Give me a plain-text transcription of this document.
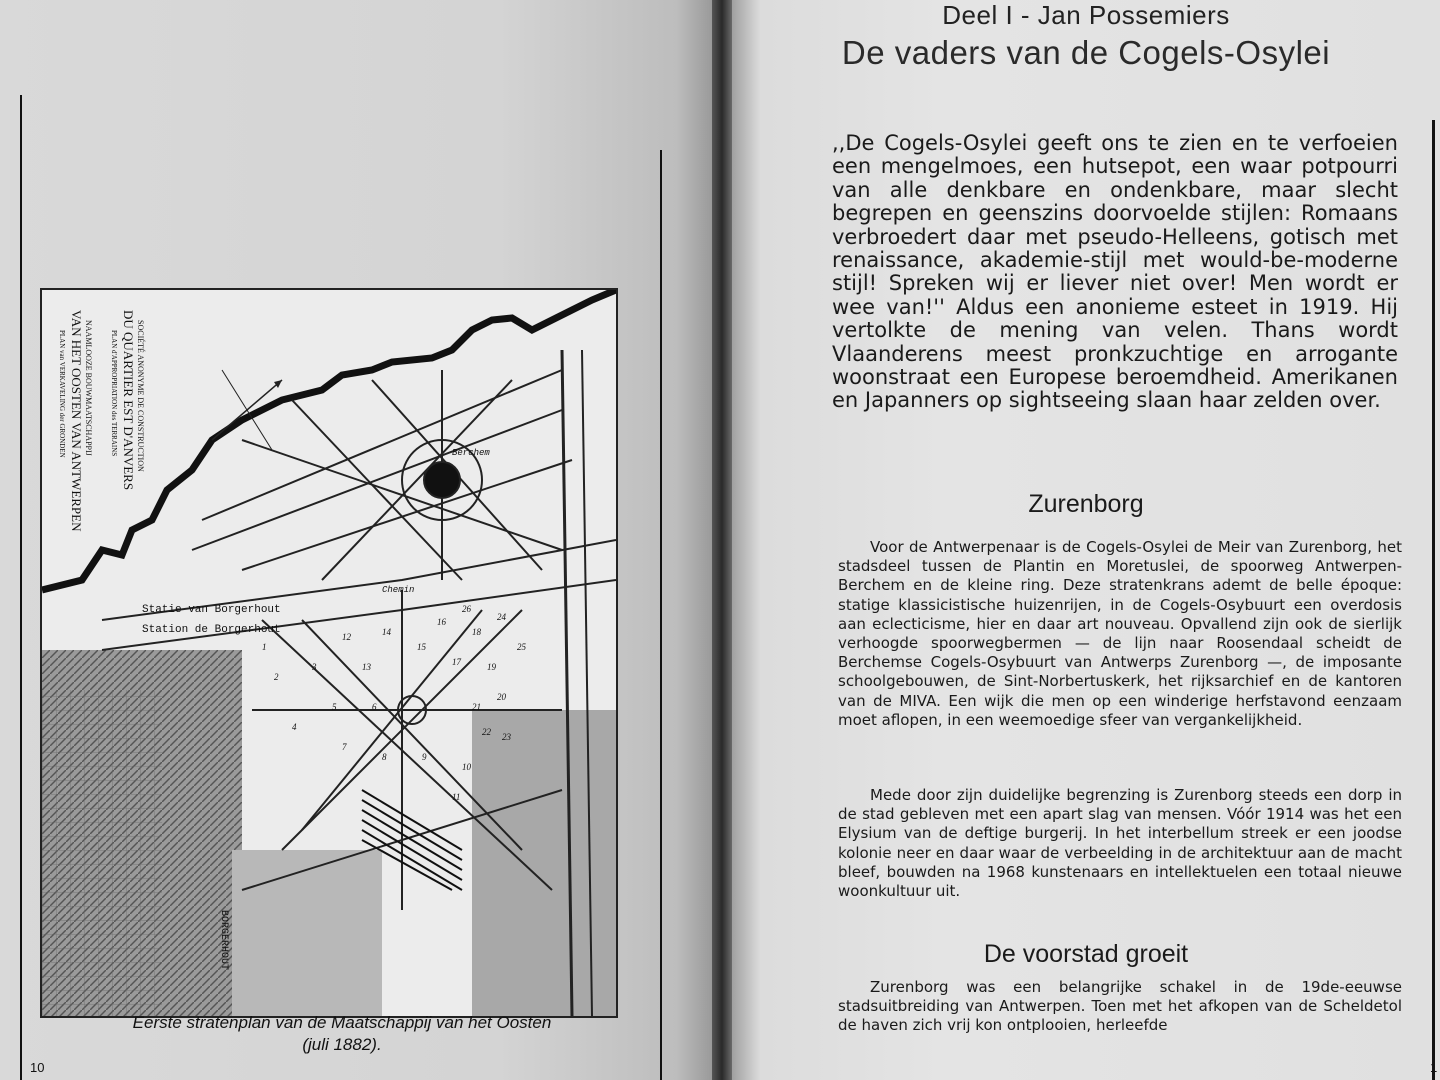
NAAMLOOZE BOUWMAATSCHAPPIJ
VAN HET OOSTEN VAN ANTWERPEN
PLAN van VERKAVELING der GRONDEN	SOCIÉTÉ ANONYME DE CONSTRUCTION
DU QUARTIER EST D'ANVERS
PLAN d'APPROPRIATION des TERRAINS
Statie van Borgerhout
Station de Borgerhout
BORGERHOUT
Berchem
Chemin
1
2
3
4
5	6
7
8	9
10
11
12
13
14
15
16
17
18
19
20
21
22 23
24
25
26
Eerste stratenplan van de Maatschappij van het Oosten
(juli 1882).
10
Deel I - Jan Possemiers
De vaders van de Cogels-Osylei
,,De Cogels-Osylei geeft ons te zien en te verfoeien een mengelmoes, een hutsepot, een waar potpourri van alle denkbare en ondenkbare, maar slecht begrepen en geenszins doorvoelde stijlen: Romaans verbroedert daar met pseudo-Helleens, gotisch met renaissance, akademie-stijl met would-be-moderne stijl! Spreken wij er liever niet over! Men wordt er wee van!'' Aldus een anonieme esteet in 1919. Hij vertolkte de mening van velen. Thans wordt Vlaanderens meest pronkzuchtige en arrogante woonstraat een Europese beroemdheid. Amerikanen en Japanners op sightseeing slaan haar zelden over.
Zurenborg
Voor de Antwerpenaar is de Cogels-Osylei de Meir van Zurenborg, het stadsdeel tussen de Plantin en Moretuslei, de spoorweg Antwerpen-Berchem en de kleine ring. Deze stratenkrans ademt de belle époque: statige klassicistische huizenrijen, in de Cogels-Osybuurt een overdosis aan eclecticisme, hier en daar art nouveau. Opvallend zijn ook de sierlijk verhoogde spoorwegbermen — de lijn naar Roosendaal scheidt de Berchemse Cogels-Osybuurt van Antwerps Zurenborg —, de imposante schoolgebouwen, de Sint-Norbertuskerk, het rijksarchief en de kantoren van de MIVA. Een wijk die men op een winderige herfstavond eenzaam moet aflopen, in een weemoedige sfeer van vergankelijkheid.
Mede door zijn duidelijke begrenzing is Zurenborg steeds een dorp in de stad gebleven met een apart slag van mensen. Vóór 1914 was het een Elysium van de deftige burgerij. In het interbellum streek er een joodse kolonie neer en daar waar de verbeelding in de architektuur aan de macht bleef, bouwden na 1968 kunstenaars en intellektuelen een totaal nieuwe woonkultuur uit.
De voorstad groeit
Zurenborg was een belangrijke schakel in de 19de-eeuwse stadsuitbreiding van Antwerpen. Toen met het afkopen van de Scheldetol de haven zich vrij kon ontplooien, herleefde
1
